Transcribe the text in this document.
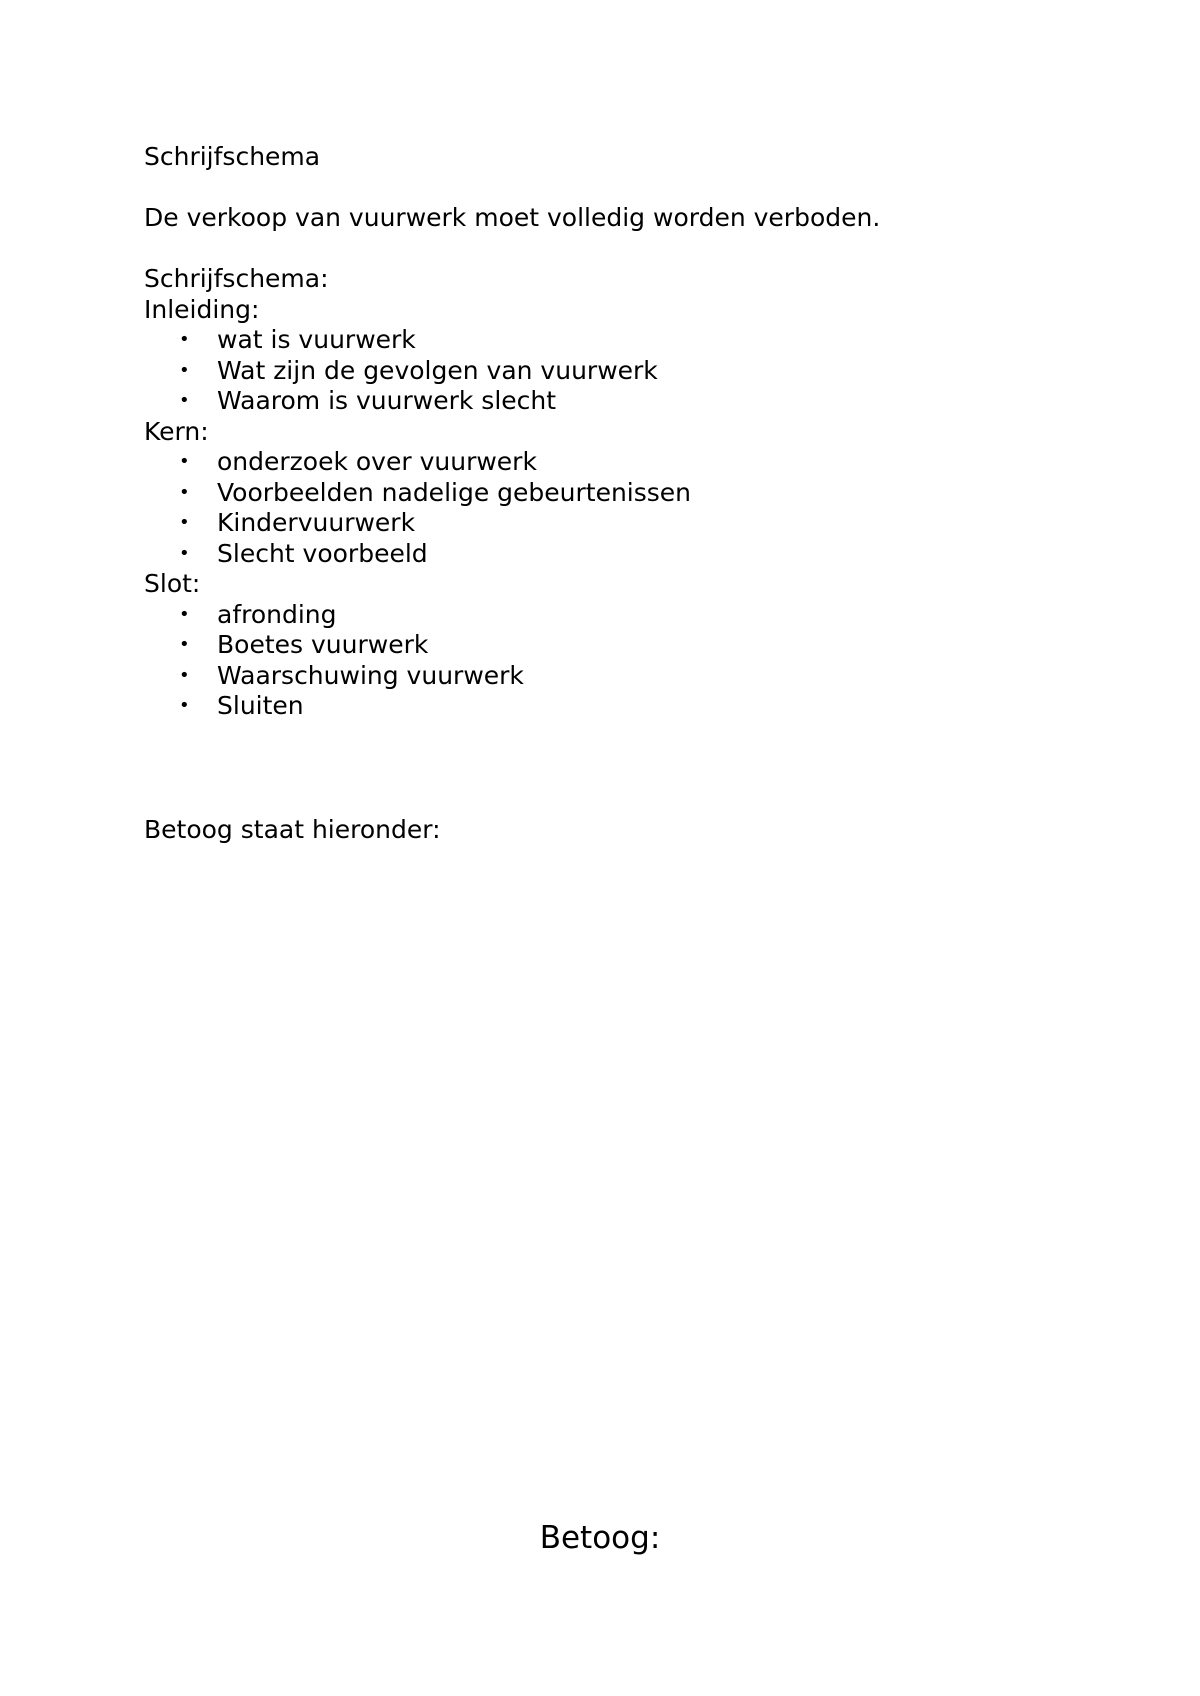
Schrijfschema
De verkoop van vuurwerk moet volledig worden verboden.
Schrijfschema:
Inleiding:
• wat is vuurwerk
• Wat zijn de gevolgen van vuurwerk
• Waarom is vuurwerk slecht
Kern:
• onderzoek over vuurwerk
• Voorbeelden nadelige gebeurtenissen
• Kindervuurwerk
• Slecht voorbeeld
Slot:
• afronding
• Boetes vuurwerk
• Waarschuwing vuurwerk
• Sluiten
Betoog staat hieronder:
Betoog:
